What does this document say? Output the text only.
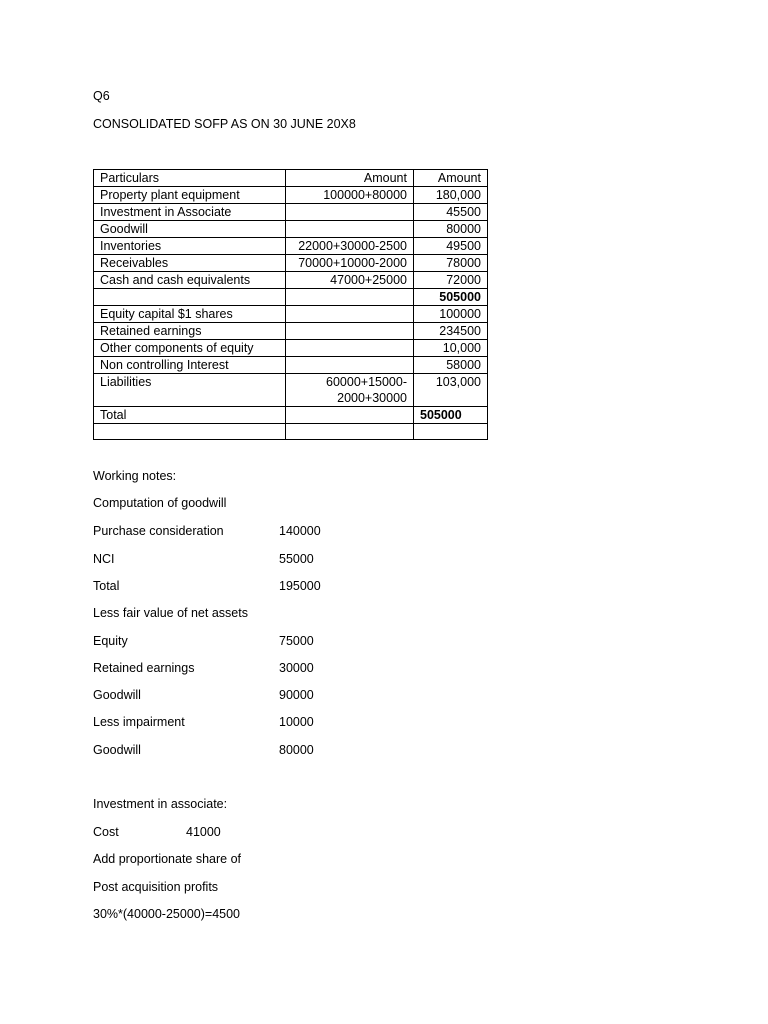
Q6
CONSOLIDATED SOFP AS ON 30 JUNE 20X8
Particulars	Amount	Amount
Property plant equipment	100000+80000	180,000
Investment in Associate		45500
Goodwill		80000
Inventories	22000+30000-2500	49500
Receivables	70000+10000-2000	78000
Cash and cash equivalents	47000+25000	72000
		505000
Equity capital $1 shares		100000
Retained earnings		234500
Other components of equity		10,000
Non controlling Interest		58000
Liabilities	60000+15000-2000+30000	103,000
Total		505000

Working notes:
Computation of goodwill
Purchase consideration	140000
NCI	55000
Total	195000
Less fair value of net assets
Equity	75000
Retained earnings	30000
Goodwill	90000
Less impairment	10000
Goodwill	80000
Investment in associate:
Cost	41000
Add proportionate share of
Post acquisition profits
30%*(40000-25000)=4500
